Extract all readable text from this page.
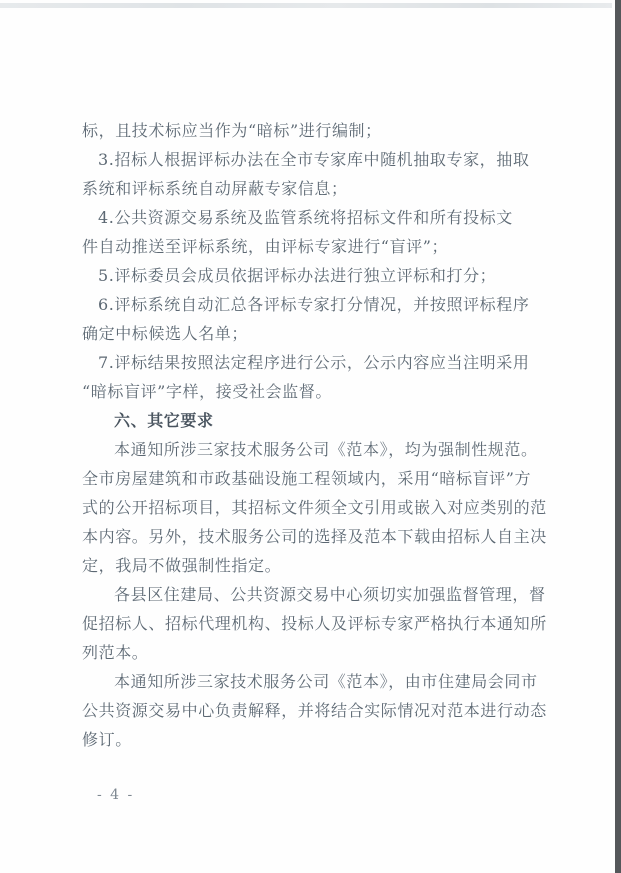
标，且技术标应当作为“暗标”进行编制；
3.招标人根据评标办法在全市专家库中随机抽取专家，抽取
系统和评标系统自动屏蔽专家信息；
4.公共资源交易系统及监管系统将招标文件和所有投标文
件自动推送至评标系统，由评标专家进行“盲评”；
5.评标委员会成员依据评标办法进行独立评标和打分；
6.评标系统自动汇总各评标专家打分情况，并按照评标程序
确定中标候选人名单；
7.评标结果按照法定程序进行公示，公示内容应当注明采用
“暗标盲评”字样，接受社会监督。
六、其它要求
本通知所涉三家技术服务公司《范本》，均为强制性规范。
全市房屋建筑和市政基础设施工程领域内，采用“暗标盲评”方
式的公开招标项目，其招标文件须全文引用或嵌入对应类别的范
本内容。另外，技术服务公司的选择及范本下载由招标人自主决
定，我局不做强制性指定。
各县区住建局、公共资源交易中心须切实加强监督管理，督
促招标人、招标代理机构、投标人及评标专家严格执行本通知所
列范本。
本通知所涉三家技术服务公司《范本》，由市住建局会同市
公共资源交易中心负责解释，并将结合实际情况对范本进行动态
修订。
- 4 -
